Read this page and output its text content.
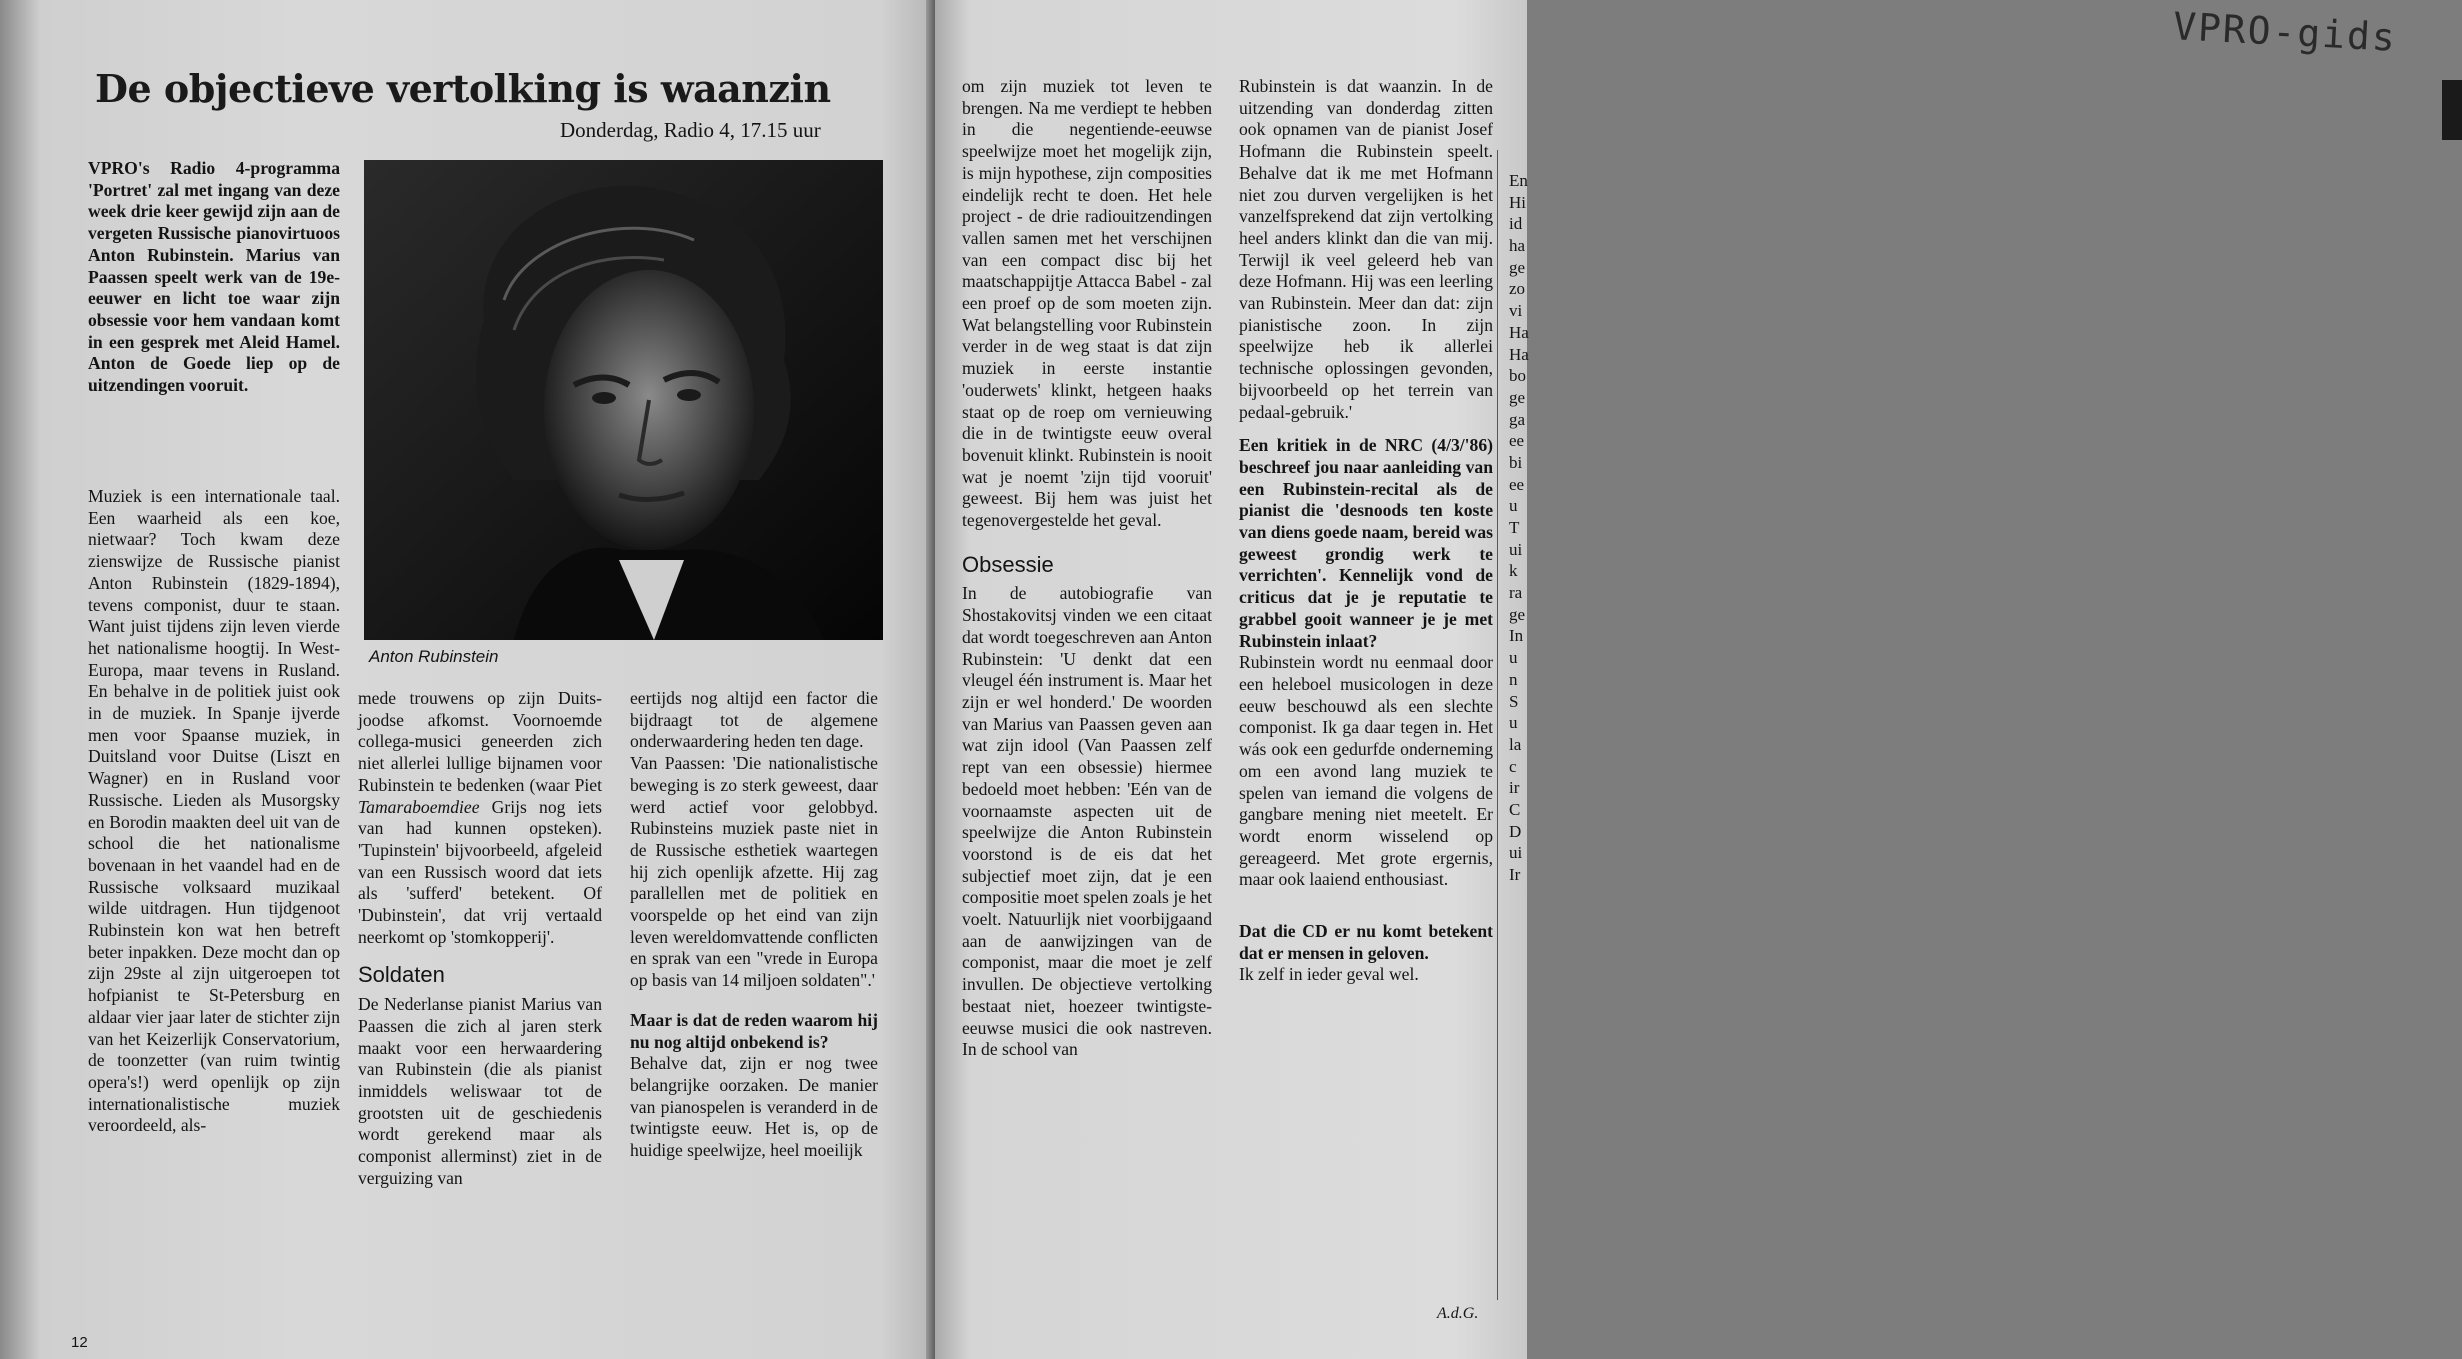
De objectieve vertolking is waanzin
Donderdag, Radio 4, 17.15 uur

VPRO's Radio 4-programma 'Portret' zal met ingang van deze week drie keer gewijd zijn aan de vergeten Russische pianovirtuoos Anton Rubinstein. Marius van Paassen speelt werk van de 19e-eeuwer en licht toe waar zijn obsessie voor hem vandaan komt in een gesprek met Aleid Hamel. Anton de Goede liep op de uitzendingen vooruit.

Muziek is een internationale taal. Een waarheid als een koe, nietwaar? Toch kwam deze zienswijze de Russische pianist Anton Rubinstein (1829-1894), tevens componist, duur te staan. Want juist tijdens zijn leven vierde het nationalisme hoogtij. In West-Europa, maar tevens in Rusland. En behalve in de politiek juist ook in de muziek. In Spanje ijverde men voor Spaanse muziek, in Duitsland voor Duitse (Liszt en Wagner) en in Rusland voor Russische. Lieden als Musorgsky en Borodin maakten deel uit van de school die het nationalisme bovenaan in het vaandel had en de Russische volksaard muzikaal wilde uitdragen. Hun tijdgenoot Rubinstein kon wat hen betreft beter inpakken. Deze mocht dan op zijn 29ste al zijn uitgeroepen tot hofpianist te St-Petersburg en aldaar vier jaar later de stichter zijn van het Keizerlijk Conservatorium, de toonzetter (van ruim twintig opera's!) werd openlijk op zijn internationalistische muziek veroordeeld, als-

Anton Rubinstein

mede trouwens op zijn Duits-joodse afkomst. Voornoemde collega-musici geneerden zich niet allerlei lullige bijnamen voor Rubinstein te bedenken (waar Piet Tamaraboemdiee Grijs nog iets van had kunnen opsteken). 'Tupinstein' bijvoorbeeld, afgeleid van een Russisch woord dat iets als 'sufferd' betekent. Of 'Dubinstein', dat vrij vertaald neerkomt op 'stomkopperij'.

Soldaten

De Nederlanse pianist Marius van Paassen die zich al jaren sterk maakt voor een herwaardering van Rubinstein (die als pianist inmiddels weliswaar tot de grootsten uit de geschiedenis wordt gerekend maar als componist allerminst) ziet in de verguizing van

eertijds nog altijd een factor die bijdraagt tot de algemene onderwaardering heden ten dage.

Van Paassen: 'Die nationalistische beweging is zo sterk geweest, daar werd actief voor gelobbyd. Rubinsteins muziek paste niet in de Russische esthetiek waartegen hij zich openlijk afzette. Hij zag parallellen met de politiek en voorspelde op het eind van zijn leven wereldomvattende conflicten en sprak van een "vrede in Europa op basis van 14 miljoen soldaten".'

Maar is dat de reden waarom hij nu nog altijd onbekend is?

Behalve dat, zijn er nog twee belangrijke oorzaken. De manier van pianospelen is veranderd in de twintigste eeuw. Het is, op de huidige speelwijze, heel moeilijk

12
VPRO-gids

om zijn muziek tot leven te brengen. Na me verdiept te hebben in die negentiende-eeuwse speelwijze moet het mogelijk zijn, is mijn hypothese, zijn composities eindelijk recht te doen. Het hele project - de drie radiouitzendingen vallen samen met het verschijnen van een compact disc bij het maatschappijtje Attacca Babel - zal een proef op de som moeten zijn. Wat belangstelling voor Rubinstein verder in de weg staat is dat zijn muziek in eerste instantie 'ouderwets' klinkt, hetgeen haaks staat op de roep om vernieuwing die in de twintigste eeuw overal bovenuit klinkt. Rubinstein is nooit wat je noemt 'zijn tijd vooruit' geweest. Bij hem was juist het tegenovergestelde het geval.

Obsessie

In de autobiografie van Shostakovitsj vinden we een citaat dat wordt toegeschreven aan Anton Rubinstein: 'U denkt dat een vleugel één instrument is. Maar het zijn er wel honderd.' De woorden van Marius van Paassen geven aan wat zijn idool (Van Paassen zelf rept van een obsessie) hiermee bedoeld moet hebben: 'Eén van de voornaamste aspecten uit de speelwijze die Anton Rubinstein voorstond is de eis dat het subjectief moet zijn, dat je een compositie moet spelen zoals je het voelt. Natuurlijk niet voorbijgaand aan de aanwijzingen van de componist, maar die moet je zelf invullen. De objectieve vertolking bestaat niet, hoezeer twintigste-eeuwse musici die ook nastreven. In de school van

Rubinstein is dat waanzin. In de uitzending van donderdag zitten ook opnamen van de pianist Josef Hofmann die Rubinstein speelt. Behalve dat ik me met Hofmann niet zou durven vergelijken is het vanzelfsprekend dat zijn vertolking heel anders klinkt dan die van mij. Terwijl ik veel geleerd heb van deze Hofmann. Hij was een leerling van Rubinstein. Meer dan dat: zijn pianistische zoon. In zijn speelwijze heb ik allerlei technische oplossingen gevonden, bijvoorbeeld op het terrein van pedaal-gebruik.'

Een kritiek in de NRC (4/3/'86) beschreef jou naar aanleiding van een Rubinstein-recital als de pianist die 'desnoods ten koste van diens goede naam, bereid was geweest grondig werk te verrichten'. Kennelijk vond de criticus dat je je reputatie te grabbel gooit wanneer je je met Rubinstein inlaat?

Rubinstein wordt nu eenmaal door een heleboel musicologen in deze eeuw beschouwd als een slechte componist. Ik ga daar tegen in. Het wás ook een gedurfde onderneming om een avond lang muziek te spelen van iemand die volgens de gangbare mening niet meetelt. Er wordt enorm wisselend op gereageerd. Met grote ergernis, maar ook laaiend enthousiast.

Dat die CD er nu komt betekent dat er mensen in geloven.

Ik zelf in ieder geval wel.

A.d.G.
En
Hi
id
ha
ge
zo
vi
Ha
Ha
bo
ge
ga
ee
bi
ee
u
T
ui
k
ra
ge
In
u
n
S
u
la
c
ir
C
D
ui
Ir
